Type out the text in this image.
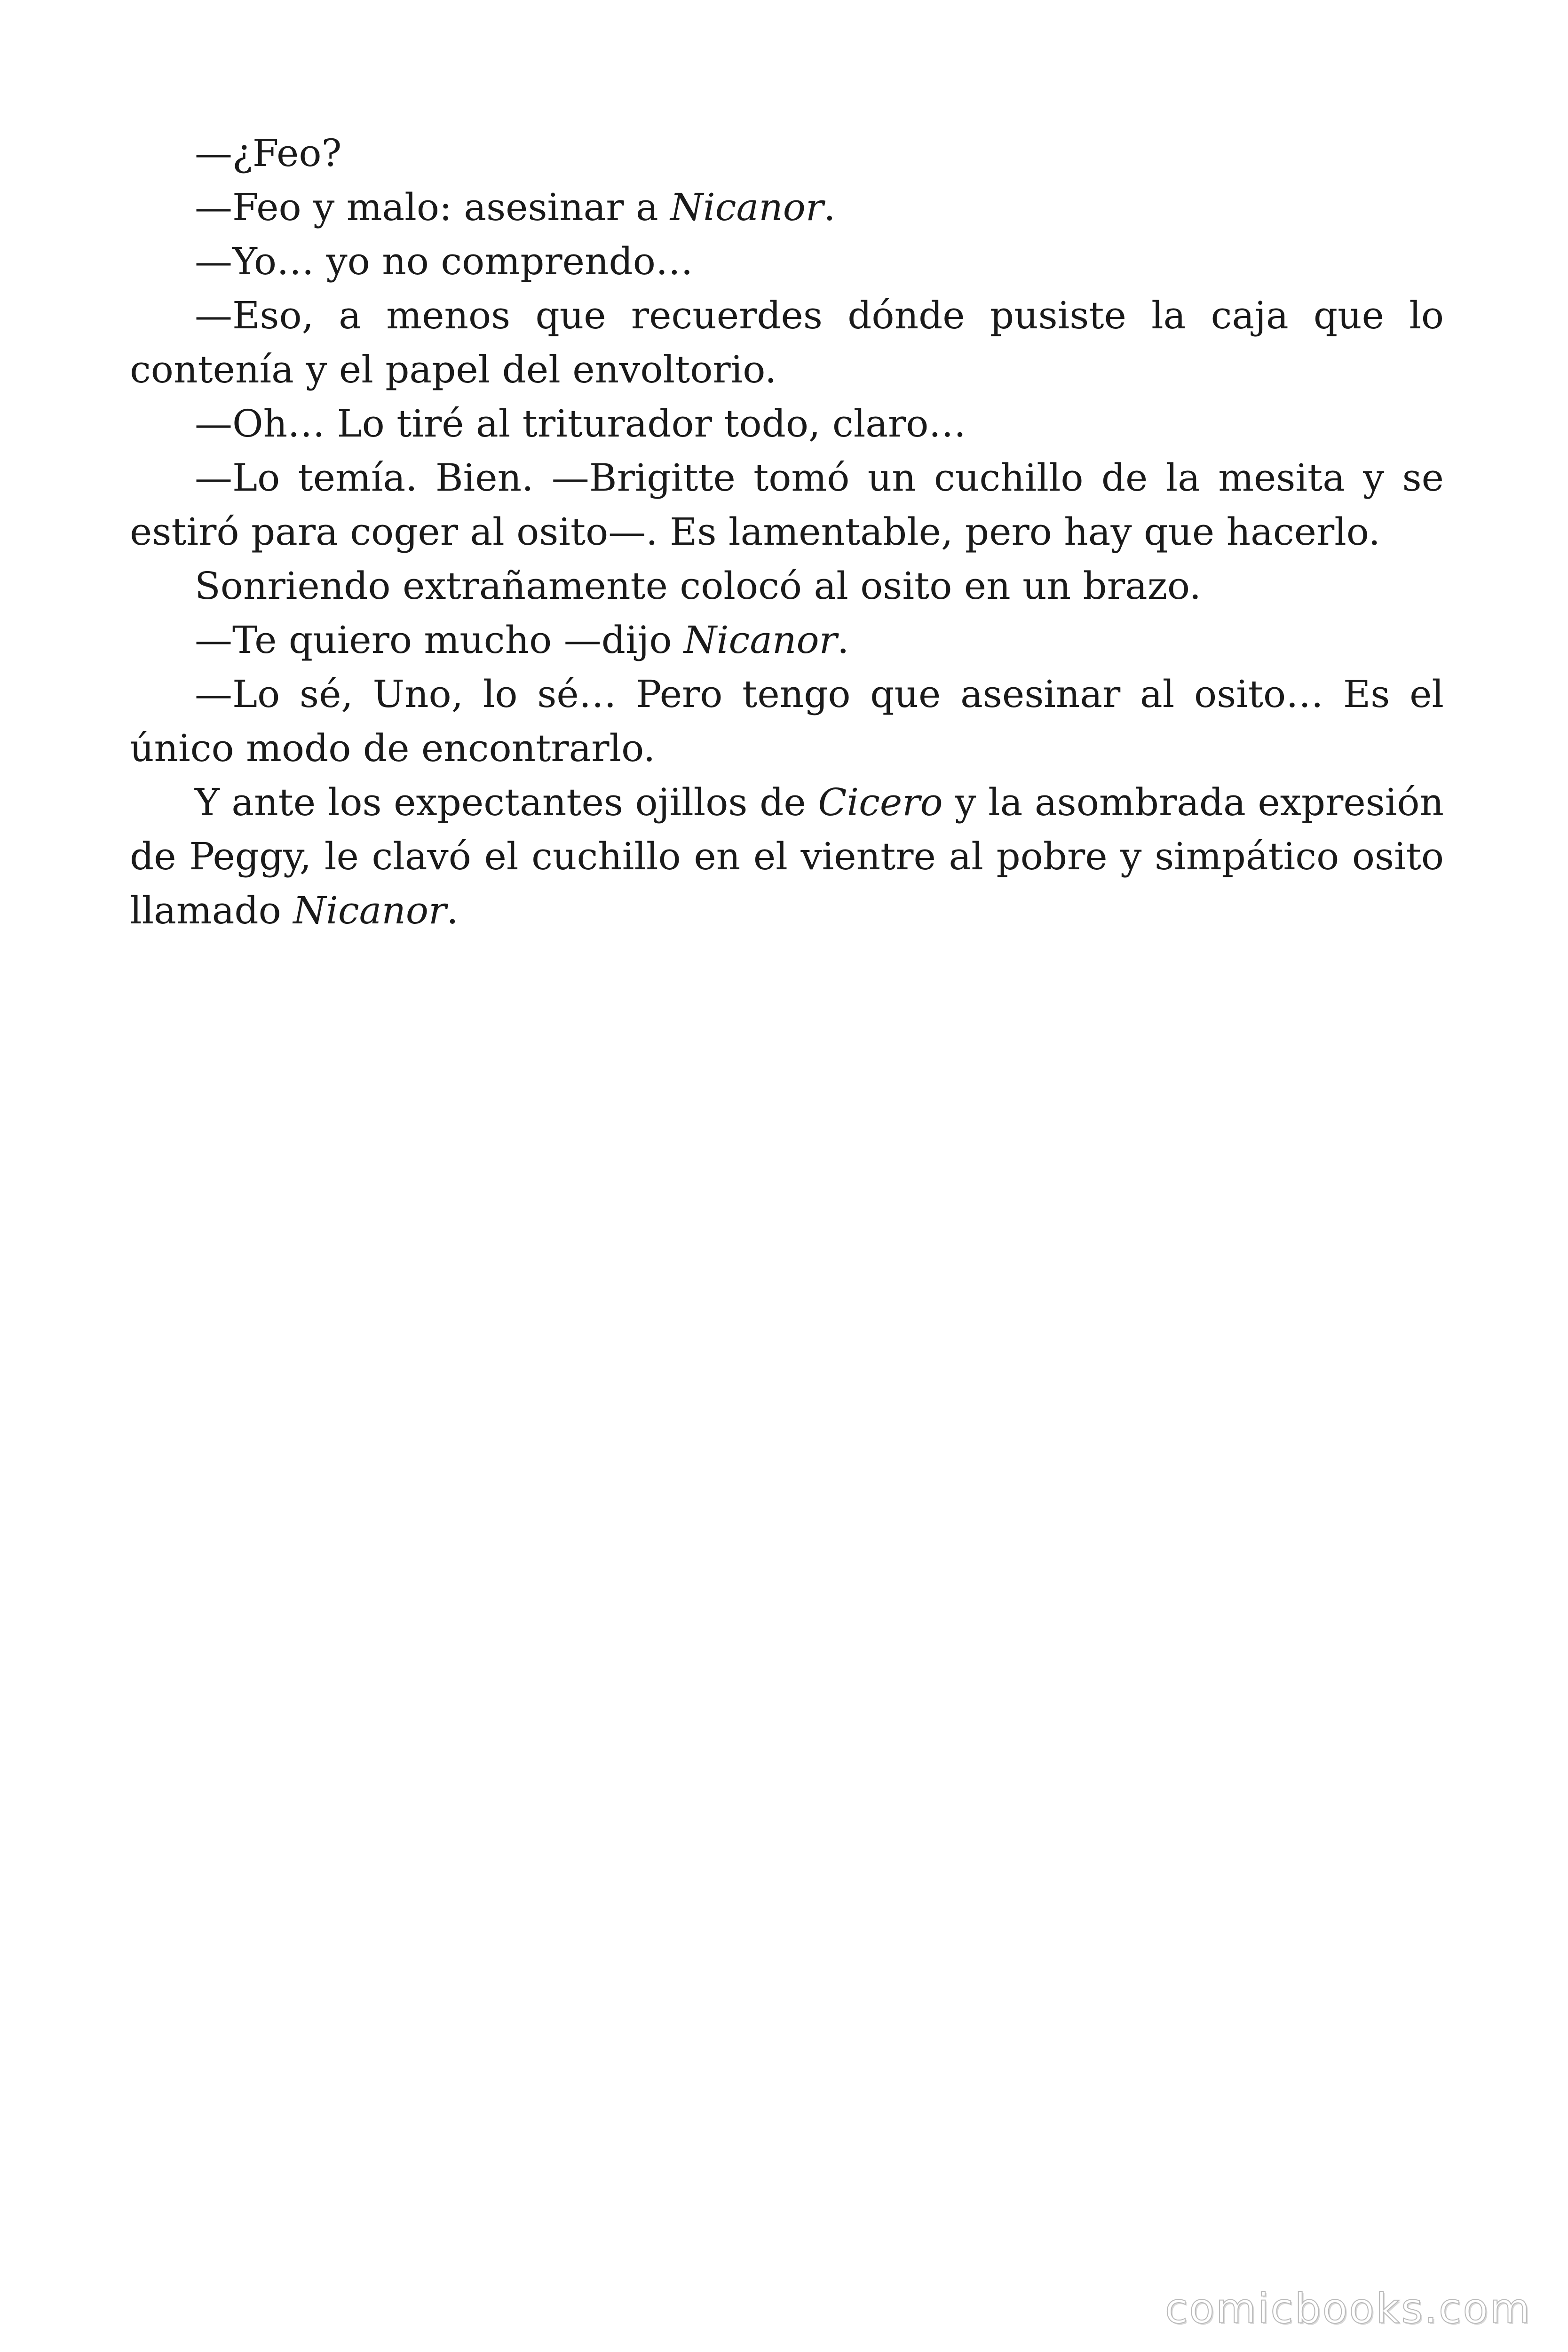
—¿Feo?

—Feo y malo: asesinar a Nicanor.

—Yo… yo no comprendo…

—Eso, a menos que recuerdes dónde pusiste la caja que lo contenía y el papel del envoltorio.

—Oh… Lo tiré al triturador todo, claro…

—Lo temía. Bien. —Brigitte tomó un cuchillo de la mesita y se estiró para coger al osito—. Es lamentable, pero hay que hacerlo.

Sonriendo extrañamente colocó al osito en un brazo.

—Te quiero mucho —dijo Nicanor.

—Lo sé, Uno, lo sé… Pero tengo que asesinar al osito… Es el único modo de encontrarlo.

Y ante los expectantes ojillos de Cicero y la asombrada expresión de Peggy, le clavó el cuchillo en el vientre al pobre y simpático osito llamado Nicanor.

comicbooks.com
